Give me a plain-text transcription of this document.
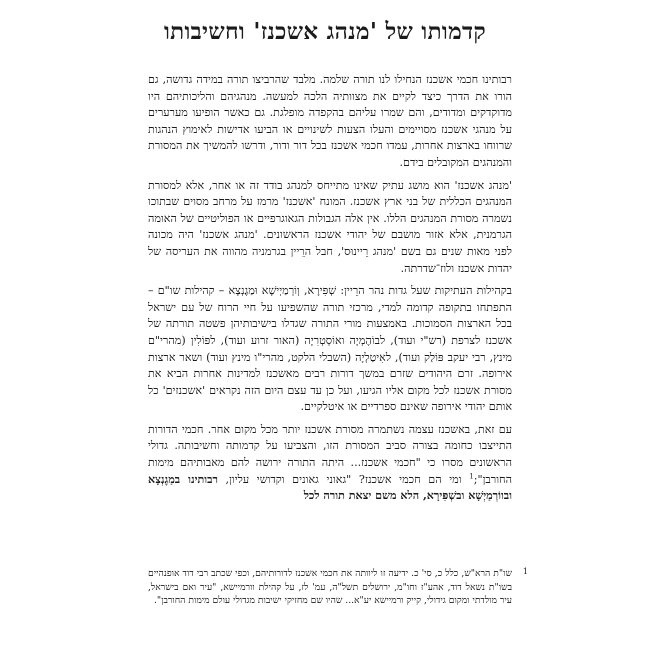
קדמותו של 'מנהג אשכנז' וחשיבותו

רבותינו חכמי אשכנז הנחילו לנו תורה שלמה. מלבד שהרביצו תורה במידה גדושה, גם הורו את הדרך כיצד לקיים את מצוותיה הלכה למעשה. מנהגיהם והליכותיהם היו מדוקדקים ומדודים, והם שמרו עליהם בהקפדה מופלגת. גם כאשר הופיעו מערערים על מנהגי אשכנז מסויימים והעלו הצעות לשינויים או הביעו אדישות לאימוץ הנהגות שרווחו בארצות אחרות, עמדו חכמי אשכנז בכל דור ודור, ודרשו להמשיך את המסורת והמנהגים המקובלים בידם.

'מנהג אשכנז' הוא מושג עתיק שאינו מתייחס למנהג בודד זה או אחר, אלא למסורת המנהגים הכללית של בני ארץ אשכנז. המונח 'אשכנז' מרמז על מרחב מסוים שבתוכו נשמרה מסורת המנהגים הללו. אין אלה הגבולות הגאוגרפיים או הפוליטיים של האומה הגרמנית, אלא אזור מושבם של יהודי אשכנז הראשונים. 'מנהג אשכנז' היה מכונה לפני מאות שנים גם בשם 'מנהג רֵיינוּס', חבל הרֵיין בגרמניה מהווה את העריסה של יהדות אשכנז ולוז־שדרתה.

בקהילות העתיקות שעל גדות נהר הרֵיין: שְׁפִּירָא, וְוֹרְמַיְישָׁא וּמַגֶנְצָא – קהילות שו"ם – התפתחו בתקופה קדומה למדי, מרכזי תורה שהשפיעו על חיי הרוח של עם ישראל בכל הארצות הסמוכות. באמצעות מורי התורה שגדלו בישיבותיהן פשטה תורתה של אשכנז לצרפת (רש"י ועוד), לבוֹהֶמְיָה ואוֹסְטְרִיָה (האור זרוע ועוד), לפּוֹלִין (מהרי"ם מינץ, רבי יעקב פּוֹלַק ועוד), לאִיטַלְיָה (השבלי הלקט, מהרי"ו מינץ ועוד) ושאר ארצות אירופה. זרם היהודים שזרם במשך דורות רבים מאשכנז למדינות אחרות הביא את מסורת אשכנז לכל מקום אליו הגיעו, ועל כן עד עצם היום הזה נקראים 'אשכנזים' כל אותם יהודי אירופה שאינם ספרדיים או איטלקיים.

עם זאת, באשכנז עצמה נשתמרה מסורת אשכנז יותר מכל מקום אחר. חכמי הדורות התייצבו כחומה בצורה סביב המסורת הזו, והצביעו על קדמותה וחשיבותה. גדולי הראשונים מסרו כי "חכמי אשכנז... היתה התורה ירושה להם מאבותיהם מימות החורבן";$^1$ ומי הם חכמי אשכנז? "גאוני גאונים וקדושי עליון, רבותינו במַגֶנְצָא ובווֹרְמַיְשָׁא ובשְׁפִּירָא, הלא משם יצאת תורה לכל

1
שו"ת הרא"ש, כלל כ, סי' כ. ידיעה זו ליוותה את חכמי אשכנז לדורותיהם, וכפי שכתב רבי דוד אופנהיים בשו"ת נשאל דוד, אהע"ז וחו"מ, ירושלים תשל"ה, עמ' לז, על קהילת וורמיישא, "עיר ואם בישראל, עיר מולדתי ומקום גידולי, קייק ורמיישא יע"א... שהיו שם מחזיקי ישיבות מגדולי עולם מימות החורבן".
